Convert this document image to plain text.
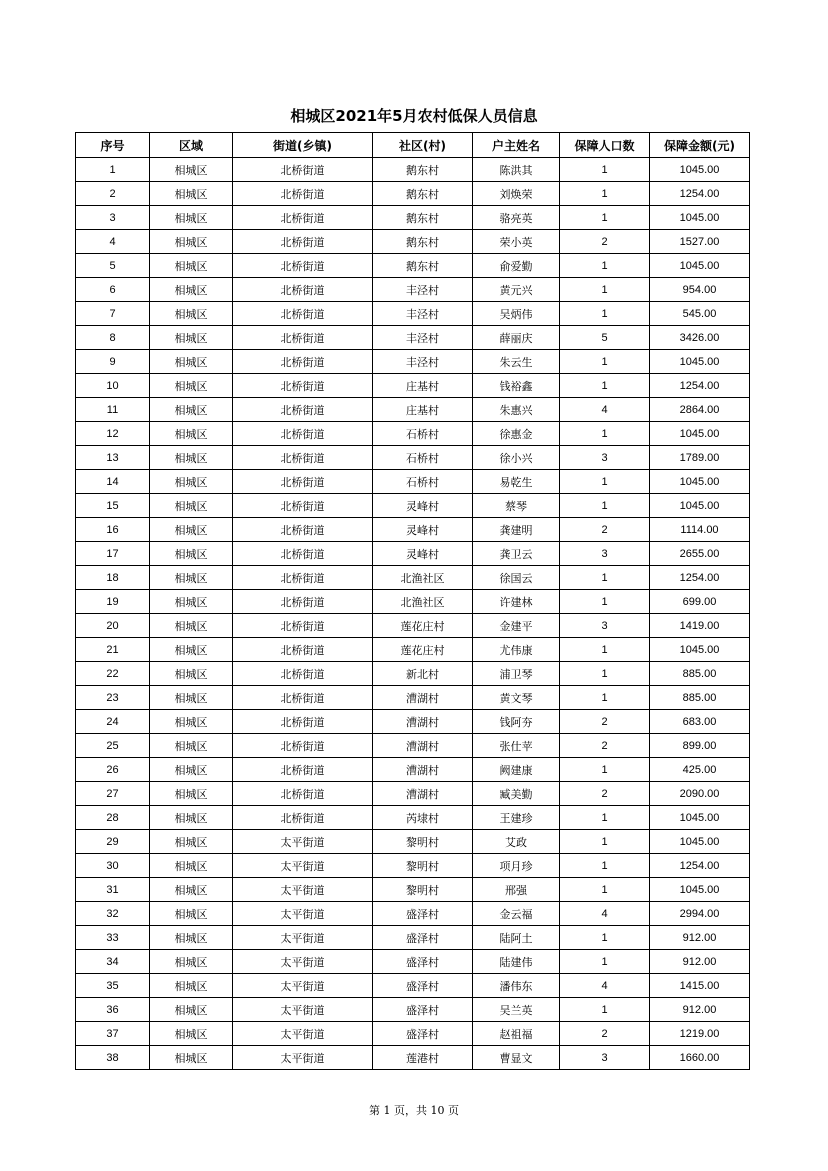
相城区2021年5月农村低保人员信息
序号	区域	街道(乡镇)	社区(村)	户主姓名	保障人口数	保障金额(元)
1	相城区	北桥街道	鹅东村	陈洪其	1	1045.00
2	相城区	北桥街道	鹅东村	刘焕荣	1	1254.00
3	相城区	北桥街道	鹅东村	骆亮英	1	1045.00
4	相城区	北桥街道	鹅东村	荣小英	2	1527.00
5	相城区	北桥街道	鹅东村	俞爱勤	1	1045.00
6	相城区	北桥街道	丰泾村	黄元兴	1	954.00
7	相城区	北桥街道	丰泾村	吴炳伟	1	545.00
8	相城区	北桥街道	丰泾村	薛丽庆	5	3426.00
9	相城区	北桥街道	丰泾村	朱云生	1	1045.00
10	相城区	北桥街道	庄基村	钱裕鑫	1	1254.00
11	相城区	北桥街道	庄基村	朱惠兴	4	2864.00
12	相城区	北桥街道	石桥村	徐惠金	1	1045.00
13	相城区	北桥街道	石桥村	徐小兴	3	1789.00
14	相城区	北桥街道	石桥村	易乾生	1	1045.00
15	相城区	北桥街道	灵峰村	蔡琴	1	1045.00
16	相城区	北桥街道	灵峰村	龚建明	2	1114.00
17	相城区	北桥街道	灵峰村	龚卫云	3	2655.00
18	相城区	北桥街道	北渔社区	徐国云	1	1254.00
19	相城区	北桥街道	北渔社区	许建林	1	699.00
20	相城区	北桥街道	莲花庄村	金建平	3	1419.00
21	相城区	北桥街道	莲花庄村	尤伟康	1	1045.00
22	相城区	北桥街道	新北村	浦卫琴	1	885.00
23	相城区	北桥街道	漕湖村	黄文琴	1	885.00
24	相城区	北桥街道	漕湖村	钱阿夯	2	683.00
25	相城区	北桥街道	漕湖村	张仕苹	2	899.00
26	相城区	北桥街道	漕湖村	阙建康	1	425.00
27	相城区	北桥街道	漕湖村	臧美勤	2	2090.00
28	相城区	北桥街道	芮埭村	王建珍	1	1045.00
29	相城区	太平街道	黎明村	艾政	1	1045.00
30	相城区	太平街道	黎明村	项月珍	1	1254.00
31	相城区	太平街道	黎明村	邢强	1	1045.00
32	相城区	太平街道	盛泽村	金云福	4	2994.00
33	相城区	太平街道	盛泽村	陆阿土	1	912.00
34	相城区	太平街道	盛泽村	陆建伟	1	912.00
35	相城区	太平街道	盛泽村	潘伟东	4	1415.00
36	相城区	太平街道	盛泽村	吴兰英	1	912.00
37	相城区	太平街道	盛泽村	赵祖福	2	1219.00
38	相城区	太平街道	莲港村	曹显文	3	1660.00
第 1 页，共 10 页
